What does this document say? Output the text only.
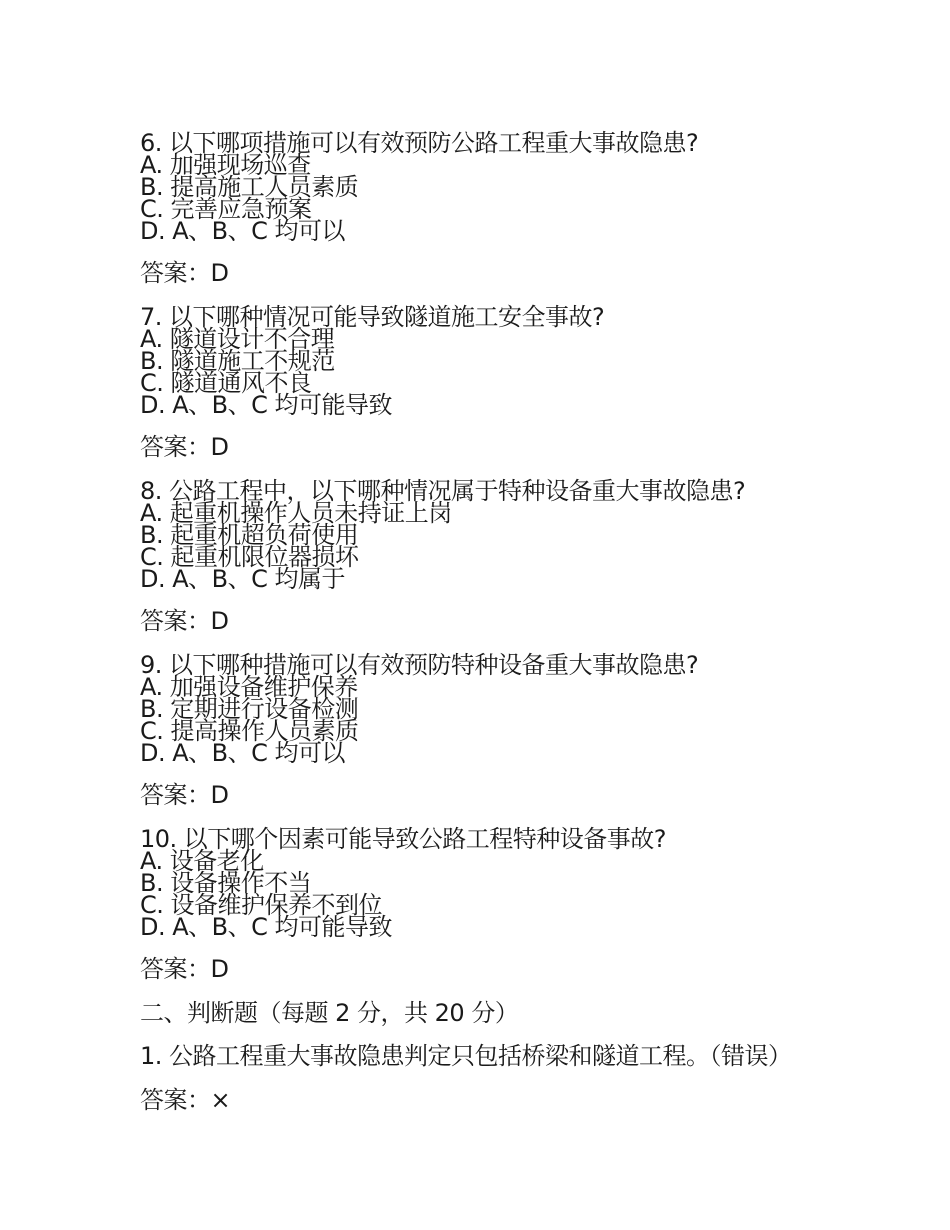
6. 以下哪项措施可以有效预防公路工程重大事故隐患?
A. 加强现场巡查
B. 提高施工人员素质
C. 完善应急预案
D. A、B、C 均可以
答案：D
7. 以下哪种情况可能导致隧道施工安全事故?
A. 隧道设计不合理
B. 隧道施工不规范
C. 隧道通风不良
D. A、B、C 均可能导致
答案：D
8. 公路工程中，以下哪种情况属于特种设备重大事故隐患?
A. 起重机操作人员未持证上岗
B. 起重机超负荷使用
C. 起重机限位器损坏
D. A、B、C 均属于
答案：D
9. 以下哪种措施可以有效预防特种设备重大事故隐患?
A. 加强设备维护保养
B. 定期进行设备检测
C. 提高操作人员素质
D. A、B、C 均可以
答案：D
10. 以下哪个因素可能导致公路工程特种设备事故?
A. 设备老化
B. 设备操作不当
C. 设备维护保养不到位
D. A、B、C 均可能导致
答案：D
二、判断题（每题 2 分，共 20 分）
1. 公路工程重大事故隐患判定只包括桥梁和隧道工程。（错误）
答案：×
